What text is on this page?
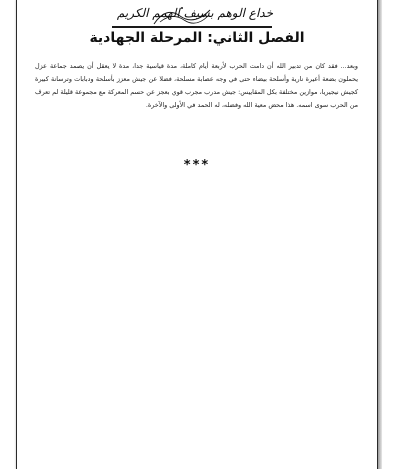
خداع الوهم بسيف الهمم الكريم
الفصل الثاني: المرحلة الجهادية
وبعد... فقد كان من تدبير الله أن دامت الحرب لأربعة أيام كاملة، مدة قياسية جدا، مدة لا يعقل أن يصمد جماعة عزل يحملون بضعة أعيرة نارية وأسلحة بيضاء حتى في وجه عصابة مسلحة، فضلا عن جيش معزز بأسلحة ودبابات وترسانة كبيرة كجيش نيجيريا، موازين مختلفة بكل المقاييس: جيش مدرب مجرب قوي بعجز عن حسم المعركة مع مجموعة قليلة لم تعرف من الحرب سوى اسمه. هذا محض معية الله وفضله، له الحمد في الأولى والآخرة.
***
